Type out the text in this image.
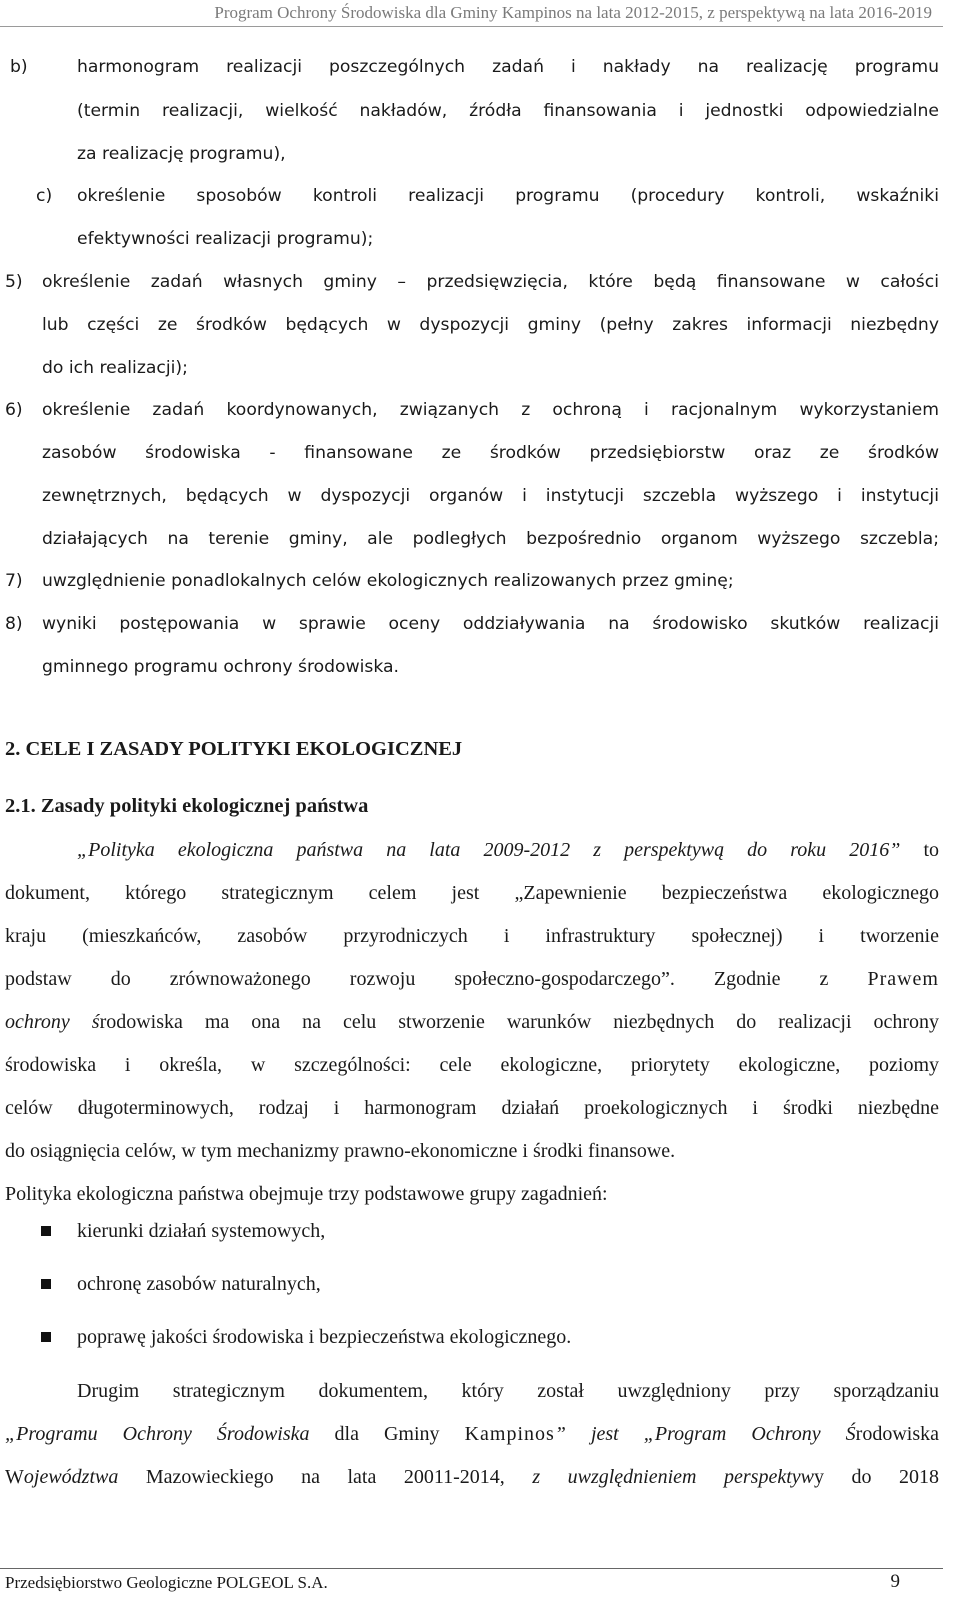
Program Ochrony Środowiska dla Gminy Kampinos na lata 2012-2015, z perspektywą na lata 2016-2019
b)	harmonogram realizacji poszczególnych zadań i nakłady na realizację programu
(termin realizacji, wielkość nakładów, źródła finansowania i jednostki odpowiedzialne
za realizację programu),
c) określenie sposobów kontroli realizacji programu (procedury kontroli, wskaźniki
efektywności realizacji programu);
5) określenie zadań własnych gminy – przedsięwzięcia, które będą finansowane w całości
lub części ze środków będących w dyspozycji gminy (pełny zakres informacji niezbędny
do ich realizacji);
6) określenie zadań koordynowanych, związanych z ochroną i racjonalnym wykorzystaniem
zasobów środowiska - finansowane ze środków przedsiębiorstw oraz ze środków
zewnętrznych, będących w dyspozycji organów i instytucji szczebla wyższego i instytucji
działających na terenie gminy, ale podległych bezpośrednio organom wyższego szczebla;
7) uwzględnienie ponadlokalnych celów ekologicznych realizowanych przez gminę;
8) wyniki postępowania w sprawie oceny oddziaływania na środowisko skutków realizacji
gminnego programu ochrony środowiska.
2. CELE I ZASADY POLITYKI EKOLOGICZNEJ
2.1. Zasady polityki ekologicznej państwa
„Polityka ekologiczna państwa na lata 2009-2012 z perspektywą do roku 2016” to
dokument, którego strategicznym celem jest „Zapewnienie bezpieczeństwa ekologicznego
kraju (mieszkańców, zasobów przyrodniczych i infrastruktury społecznej) i tworzenie
podstaw do zrównoważonego rozwoju społeczno-gospodarczego”. Zgodnie z Prawem
ochrony środowiska ma ona na celu stworzenie warunków niezbędnych do realizacji ochrony
środowiska i określa, w szczególności: cele ekologiczne, priorytety ekologiczne, poziomy
celów długoterminowych, rodzaj i harmonogram działań proekologicznych i środki niezbędne
do osiągnięcia celów, w tym mechanizmy prawno-ekonomiczne i środki finansowe.
Polityka ekologiczna państwa obejmuje trzy podstawowe grupy zagadnień:
kierunki działań systemowych,
ochronę zasobów naturalnych,
poprawę jakości środowiska i bezpieczeństwa ekologicznego.
Drugim strategicznym dokumentem, który został uwzględniony przy sporządzaniu
„Programu Ochrony Środowiska dla Gminy Kampinos” jest „Program Ochrony Środowiska
Województwa Mazowieckiego na lata 20011-2014, z uwzględnieniem perspektywy do 2018
Przedsiębiorstwo Geologiczne POLGEOL S.A.	9
